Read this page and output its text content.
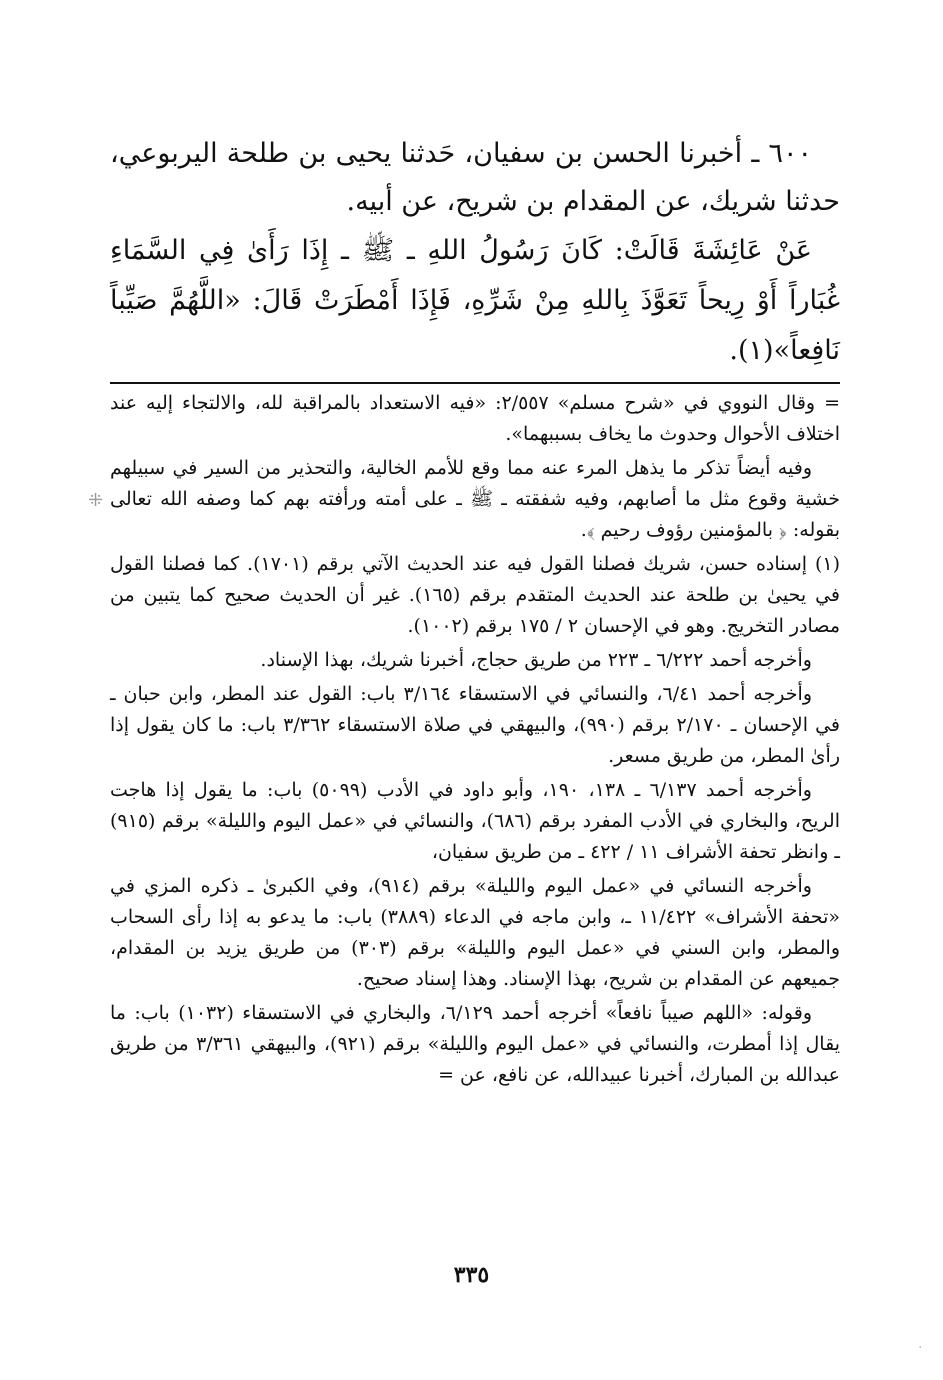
٦٠٠ ـ أخبرنا الحسن بن سفيان، حَدثنا يحيى بن طلحة اليربوعي، حدثنا شريك، عن المقدام بن شريح، عن أبيه.

عَنْ عَائِشَةَ قَالَتْ: كَانَ رَسُولُ اللهِ ـ ﷺ ـ إِذَا رَأَىٰ فِي السَّمَاءِ غُبَاراً أَوْ رِيحاً تَعَوَّذَ بِاللهِ مِنْ شَرِّهِ، فَإِذَا أَمْطَرَتْ قَالَ: «اللَّهُمَّ صَيِّباً نَافِعاً»(١).

= وقال النووي في «شرح مسلم» ٢/٥٥٧: «فيه الاستعداد بالمراقبة لله، والالتجاء إليه عند اختلاف الأحوال وحدوث ما يخاف بسببهما».

وفيه أيضاً تذكر ما يذهل المرء عنه مما وقع للأمم الخالية، والتحذير من السير في سبيلهم خشية وقوع مثل ما أصابهم، وفيه شفقته ـ ﷺ ـ على أمته ورأفته بهم كما وصفه الله تعالى بقوله: ﴿ بالمؤمنين رؤوف رحيم ﴾.

(١) إسناده حسن، شريك فصلنا القول فيه عند الحديث الآتي برقم (١٧٠١). كما فصلنا القول في يحيىٰ بن طلحة عند الحديث المتقدم برقم (١٦٥). غير أن الحديث صحيح كما يتبين من مصادر التخريج. وهو في الإحسان ٢ / ١٧٥ برقم (١٠٠٢).

وأخرجه أحمد ٦/٢٢٢ ـ ٢٢٣ من طريق حجاج، أخبرنا شريك، بهذا الإسناد.

وأخرجه أحمد ٦/٤١، والنسائي في الاستسقاء ٣/١٦٤ باب: القول عند المطر، وابن حبان ـ في الإحسان ـ ٢/١٧٠ برقم (٩٩٠)، والبيهقي في صلاة الاستسقاء ٣/٣٦٢ باب: ما كان يقول إذا رأىٰ المطر، من طريق مسعر.

وأخرجه أحمد ٦/١٣٧ ـ ١٣٨، ١٩٠، وأبو داود في الأدب (٥٠٩٩) باب: ما يقول إذا هاجت الريح، والبخاري في الأدب المفرد برقم (٦٨٦)، والنسائي في «عمل اليوم والليلة» برقم (٩١٥) ـ وانظر تحفة الأشراف ١١ / ٤٢٢ ـ من طريق سفيان،

وأخرجه النسائي في «عمل اليوم والليلة» برقم (٩١٤)، وفي الكبرىٰ ـ ذكره المزي في «تحفة الأشراف» ١١/٤٢٢ ـ، وابن ماجه في الدعاء (٣٨٨٩) باب: ما يدعو به إذا رأى السحاب والمطر، وابن السني في «عمل اليوم والليلة» برقم (٣٠٣) من طريق يزيد بن المقدام، جميعهم عن المقدام بن شريح، بهذا الإسناد. وهذا إسناد صحيح.

وقوله: «اللهم صيباً نافعاً» أخرجه أحمد ٦/١٢٩، والبخاري في الاستسقاء (١٠٣٢) باب: ما يقال إذا أمطرت، والنسائي في «عمل اليوم والليلة» برقم (٩٢١)، والبيهقي ٣/٣٦١ من طريق عبدالله بن المبارك، أخبرنا عبيدالله، عن نافع، عن =

⁜
·
٣٣٥
